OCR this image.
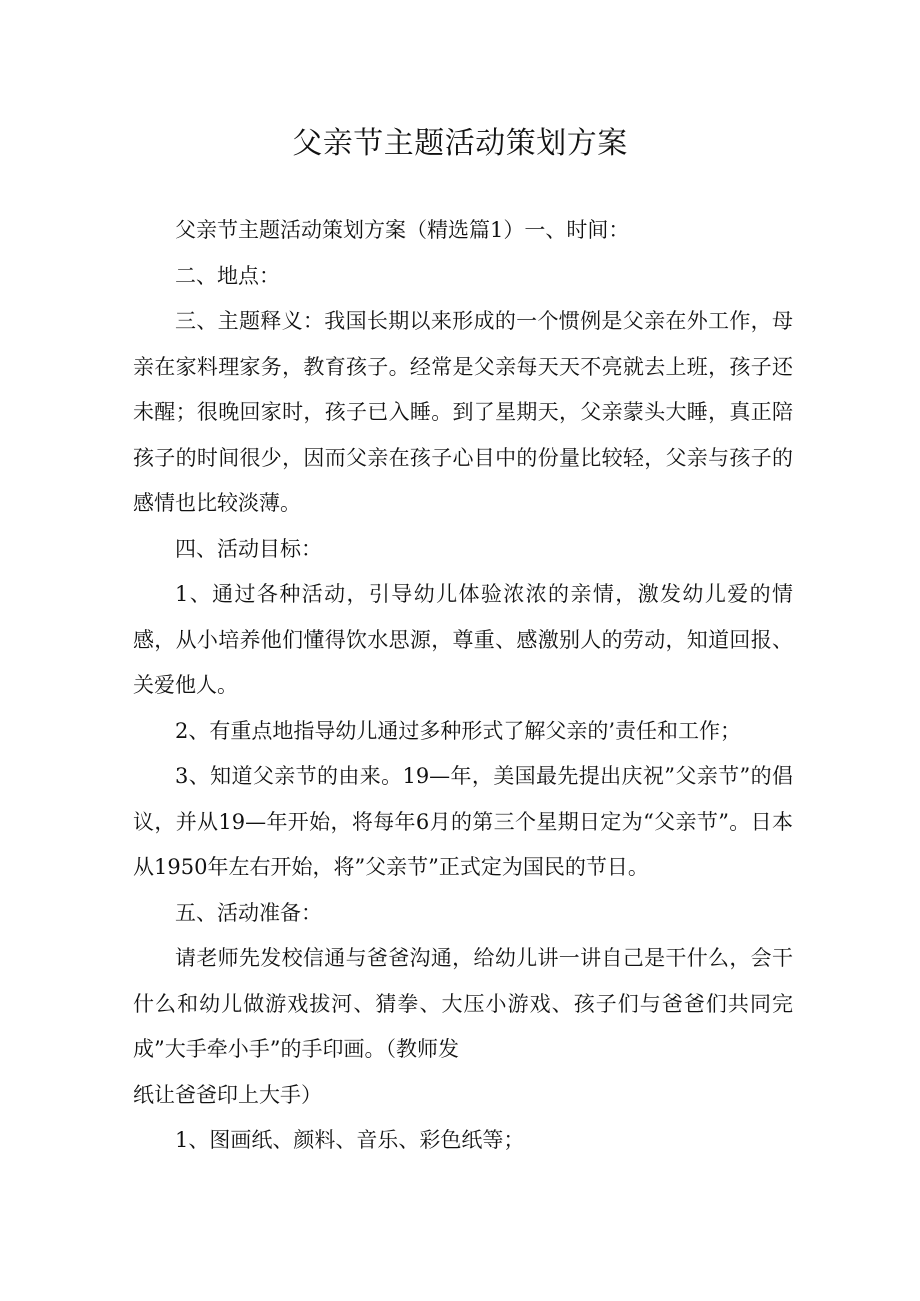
父亲节主题活动策划方案

父亲节主题活动策划方案（精选篇1）一、时间：

二、地点：

三、主题释义：我国长期以来形成的一个惯例是父亲在外工作，母亲在家料理家务，教育孩子。经常是父亲每天天不亮就去上班，孩子还未醒；很晚回家时，孩子已入睡。到了星期天，父亲蒙头大睡，真正陪孩子的时间很少，因而父亲在孩子心目中的份量比较轻，父亲与孩子的感情也比较淡薄。

四、活动目标：

1、通过各种活动，引导幼儿体验浓浓的亲情，激发幼儿爱的情感，从小培养他们懂得饮水思源，尊重、感激别人的劳动，知道回报、关爱他人。

2、有重点地指导幼儿通过多种形式了解父亲的’责任和工作；

3、知道父亲节的由来。19—年，美国最先提出庆祝”父亲节”的倡议，并从19—年开始，将每年6月的第三个星期日定为“父亲节”。日本从1950年左右开始，将”父亲节”正式定为国民的节日。

五、活动准备：

请老师先发校信通与爸爸沟通，给幼儿讲一讲自己是干什么，会干什么和幼儿做游戏拔河、猜拳、大压小游戏、孩子们与爸爸们共同完成”大手牵小手”的手印画。（教师发

纸让爸爸印上大手）

1、图画纸、颜料、音乐、彩色纸等；
